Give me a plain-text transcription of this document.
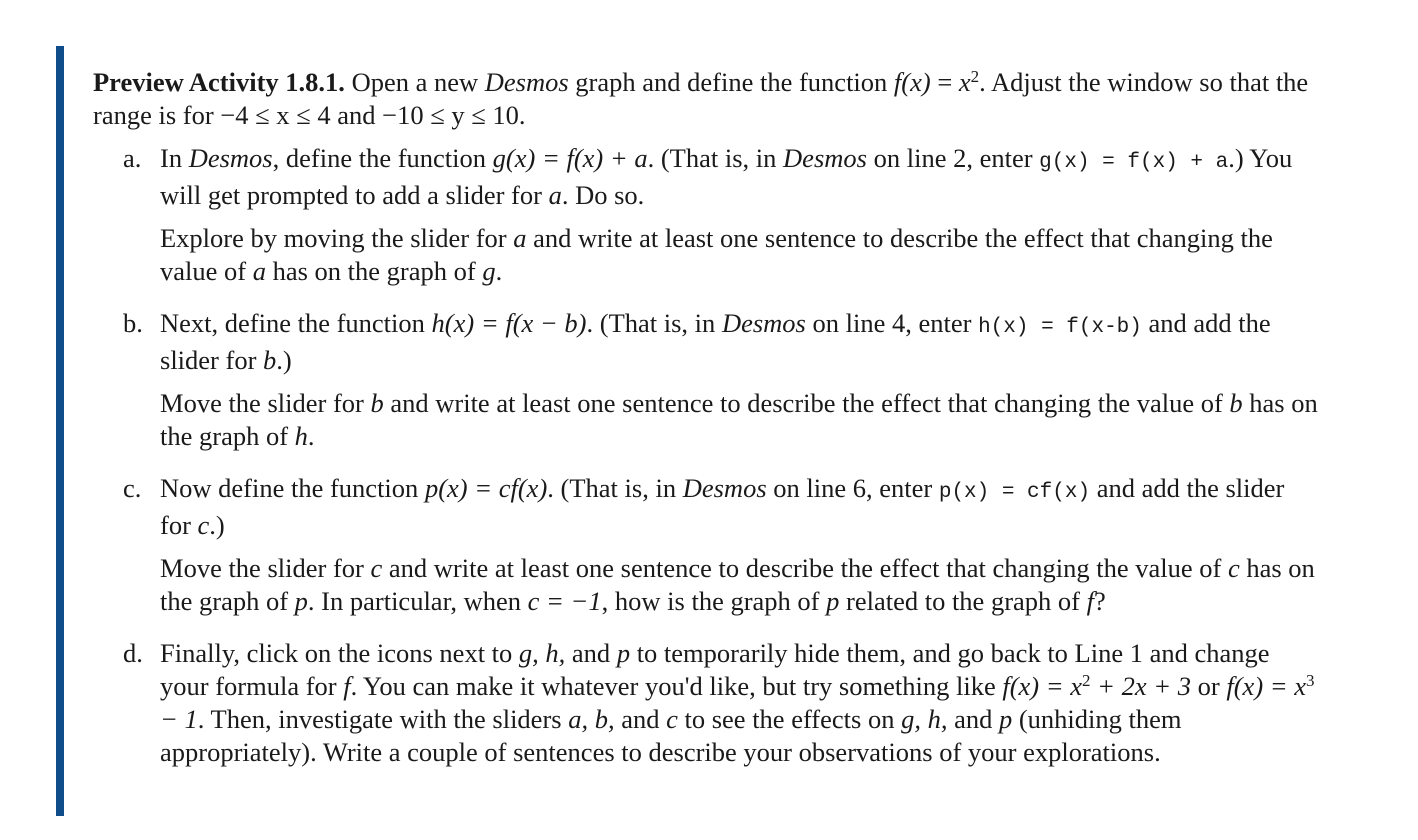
Preview Activity 1.8.1. Open a new Desmos graph and define the function $f(x) = x^2$. Adjust the window so that the range is for −4 ≤ x ≤ 4 and −10 ≤ y ≤ 10.

a. In Desmos, define the function g(x) = f(x) + a. (That is, in Desmos on line 2, enter g(x) = f(x) + a.) You will get prompted to add a slider for a. Do so.

Explore by moving the slider for a and write at least one sentence to describe the effect that changing the value of a has on the graph of g.

b. Next, define the function h(x) = f(x − b). (That is, in Desmos on line 4, enter h(x) = f(x-b) and add the slider for b.)

Move the slider for b and write at least one sentence to describe the effect that changing the value of b has on the graph of h.

c. Now define the function p(x) = cf(x). (That is, in Desmos on line 6, enter p(x) = cf(x) and add the slider for c.)

Move the slider for c and write at least one sentence to describe the effect that changing the value of c has on the graph of p. In particular, when c = −1, how is the graph of p related to the graph of f?

d. Finally, click on the icons next to g, h, and p to temporarily hide them, and go back to Line 1 and change your formula for f. You can make it whatever you'd like, but try something like $f(x) = x^2 + 2x + 3$ or $f(x) = x^3 - 1$. Then, investigate with the sliders a, b, and c to see the effects on g, h, and p (unhiding them appropriately). Write a couple of sentences to describe your observations of your explorations.
